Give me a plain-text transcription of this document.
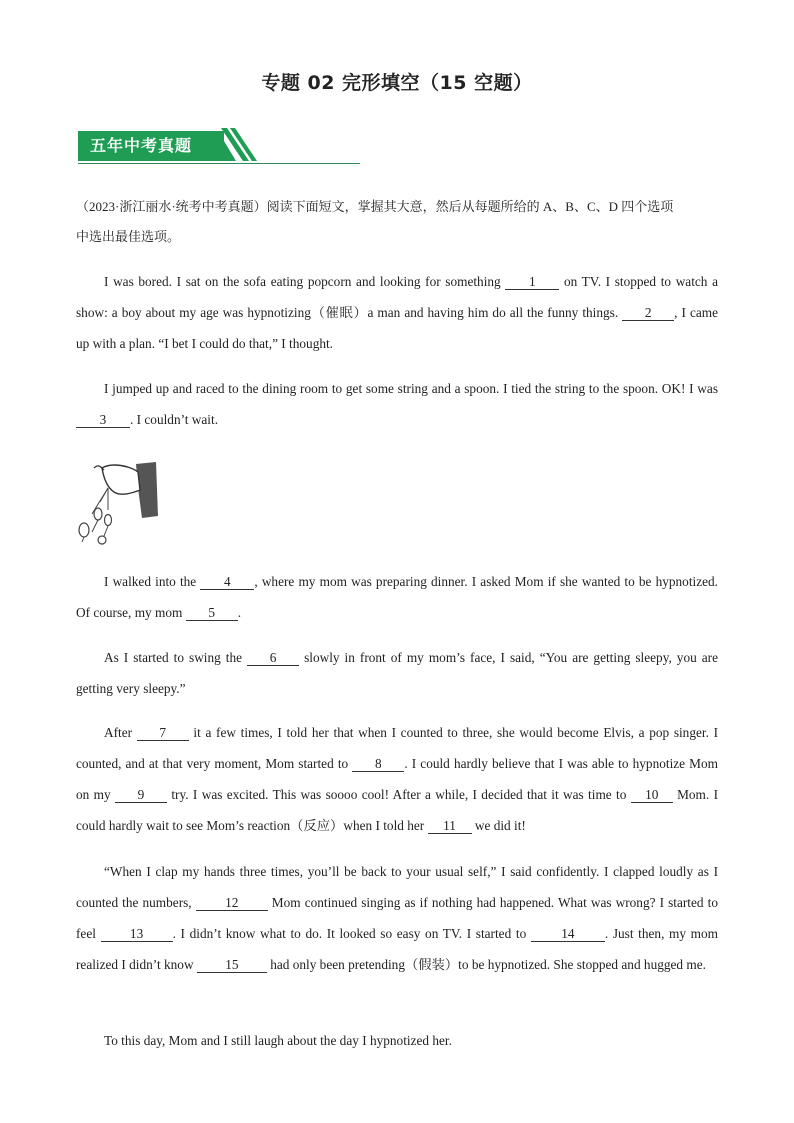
专题 02 完形填空（15 空题）
五年中考真题
（2023·浙江丽水·统考中考真题）阅读下面短文，掌握其大意，然后从每题所给的 A、B、C、D 四个选项
中选出最佳选项。

I was bored. I sat on the sofa eating popcorn and looking for something 1 on TV. I stopped to watch a show: a boy about my age was hypnotizing（催眠）a man and having him do all the funny things. 2 , I came up with a plan. “I bet I could do that,” I thought.

I jumped up and raced to the dining room to get some string and a spoon. I tied the string to the spoon. OK! I was 3 . I couldn’t wait.

I walked into the 4 , where my mom was preparing dinner. I asked Mom if she wanted to be hypnotized. Of course, my mom 5 .

As I started to swing the 6 slowly in front of my mom’s face, I said, “You are getting sleepy, you are getting very sleepy.”

After 7 it a few times, I told her that when I counted to three, she would become Elvis, a pop singer. I counted, and at that very moment, Mom started to 8 . I could hardly believe that I was able to hypnotize Mom on my 9 try. I was excited. This was soooo cool! After a while, I decided that it was time to 10 Mom. I could hardly wait to see Mom’s reaction（反应）when I told her 11 we did it!

“When I clap my hands three times, you’ll be back to your usual self,” I said confidently. I clapped loudly as I counted the numbers, 12 Mom continued singing as if nothing had happened. What was wrong? I started to feel 13 . I didn’t know what to do. It looked so easy on TV. I started to 14 . Just then, my mom realized I didn’t know 15 had only been pretending（假装）to be hypnotized. She stopped and hugged me.

To this day, Mom and I still laugh about the day I hypnotized her.
